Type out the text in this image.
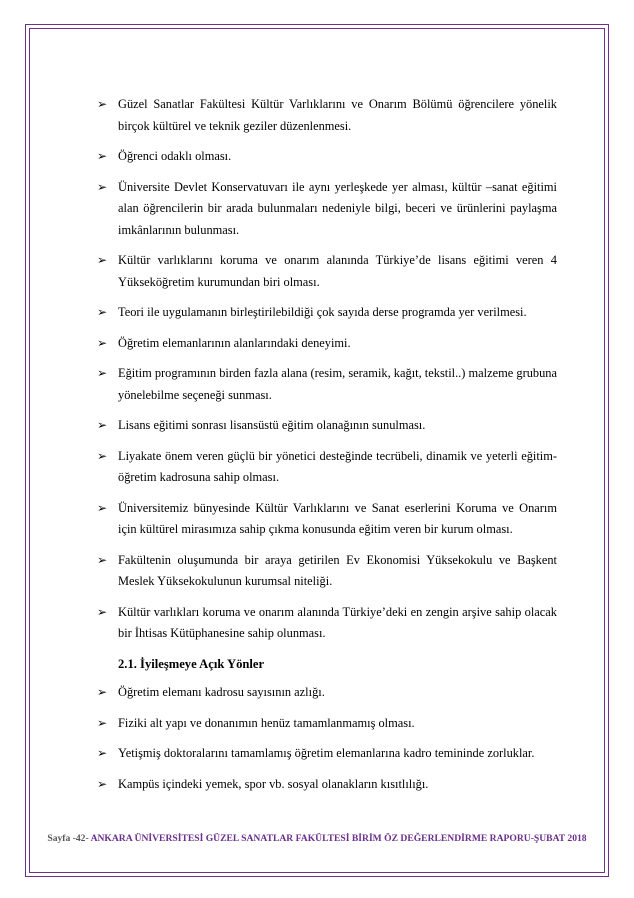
➢ Güzel Sanatlar Fakültesi Kültür Varlıklarını ve Onarım Bölümü öğrencilere yönelik birçok kültürel ve teknik geziler düzenlenmesi.
➢ Öğrenci odaklı olması.
➢ Üniversite Devlet Konservatuvarı ile aynı yerleşkede yer alması, kültür –sanat eğitimi alan öğrencilerin bir arada bulunmaları nedeniyle bilgi, beceri ve ürünlerini paylaşma imkânlarının bulunması.
➢ Kültür varlıklarını koruma ve onarım alanında Türkiye’de lisans eğitimi veren 4 Yükseköğretim kurumundan biri olması.
➢ Teori ile uygulamanın birleştirilebildiği çok sayıda derse programda yer verilmesi.
➢ Öğretim elemanlarının alanlarındaki deneyimi.
➢ Eğitim programının birden fazla alana (resim, seramik, kağıt, tekstil..) malzeme grubuna yönelebilme seçeneği sunması.
➢ Lisans eğitimi sonrası lisansüstü eğitim olanağının sunulması.
➢ Liyakate önem veren güçlü bir yönetici desteğinde tecrübeli, dinamik ve yeterli eğitim-öğretim kadrosuna sahip olması.
➢ Üniversitemiz bünyesinde Kültür Varlıklarını ve Sanat eserlerini Koruma ve Onarım için kültürel mirasımıza sahip çıkma konusunda eğitim veren bir kurum olması.
➢ Fakültenin oluşumunda bir araya getirilen Ev Ekonomisi Yüksekokulu ve Başkent Meslek Yüksekokulunun kurumsal niteliği.
➢ Kültür varlıkları koruma ve onarım alanında Türkiye’deki en zengin arşive sahip olacak bir İhtisas Kütüphanesine sahip olunması.
2.1. İyileşmeye Açık Yönler
➢ Öğretim elemanı kadrosu sayısının azlığı.
➢ Fiziki alt yapı ve donanımın henüz tamamlanmamış olması.
➢ Yetişmiş doktoralarını tamamlamış öğretim elemanlarına kadro temininde zorluklar.
➢ Kampüs içindeki yemek, spor vb. sosyal olanakların kısıtlılığı.
Sayfa -42- ANKARA ÜNİVERSİTESİ GÜZEL SANATLAR FAKÜLTESİ BİRİM ÖZ DEĞERLENDİRME RAPORU-ŞUBAT 2018
